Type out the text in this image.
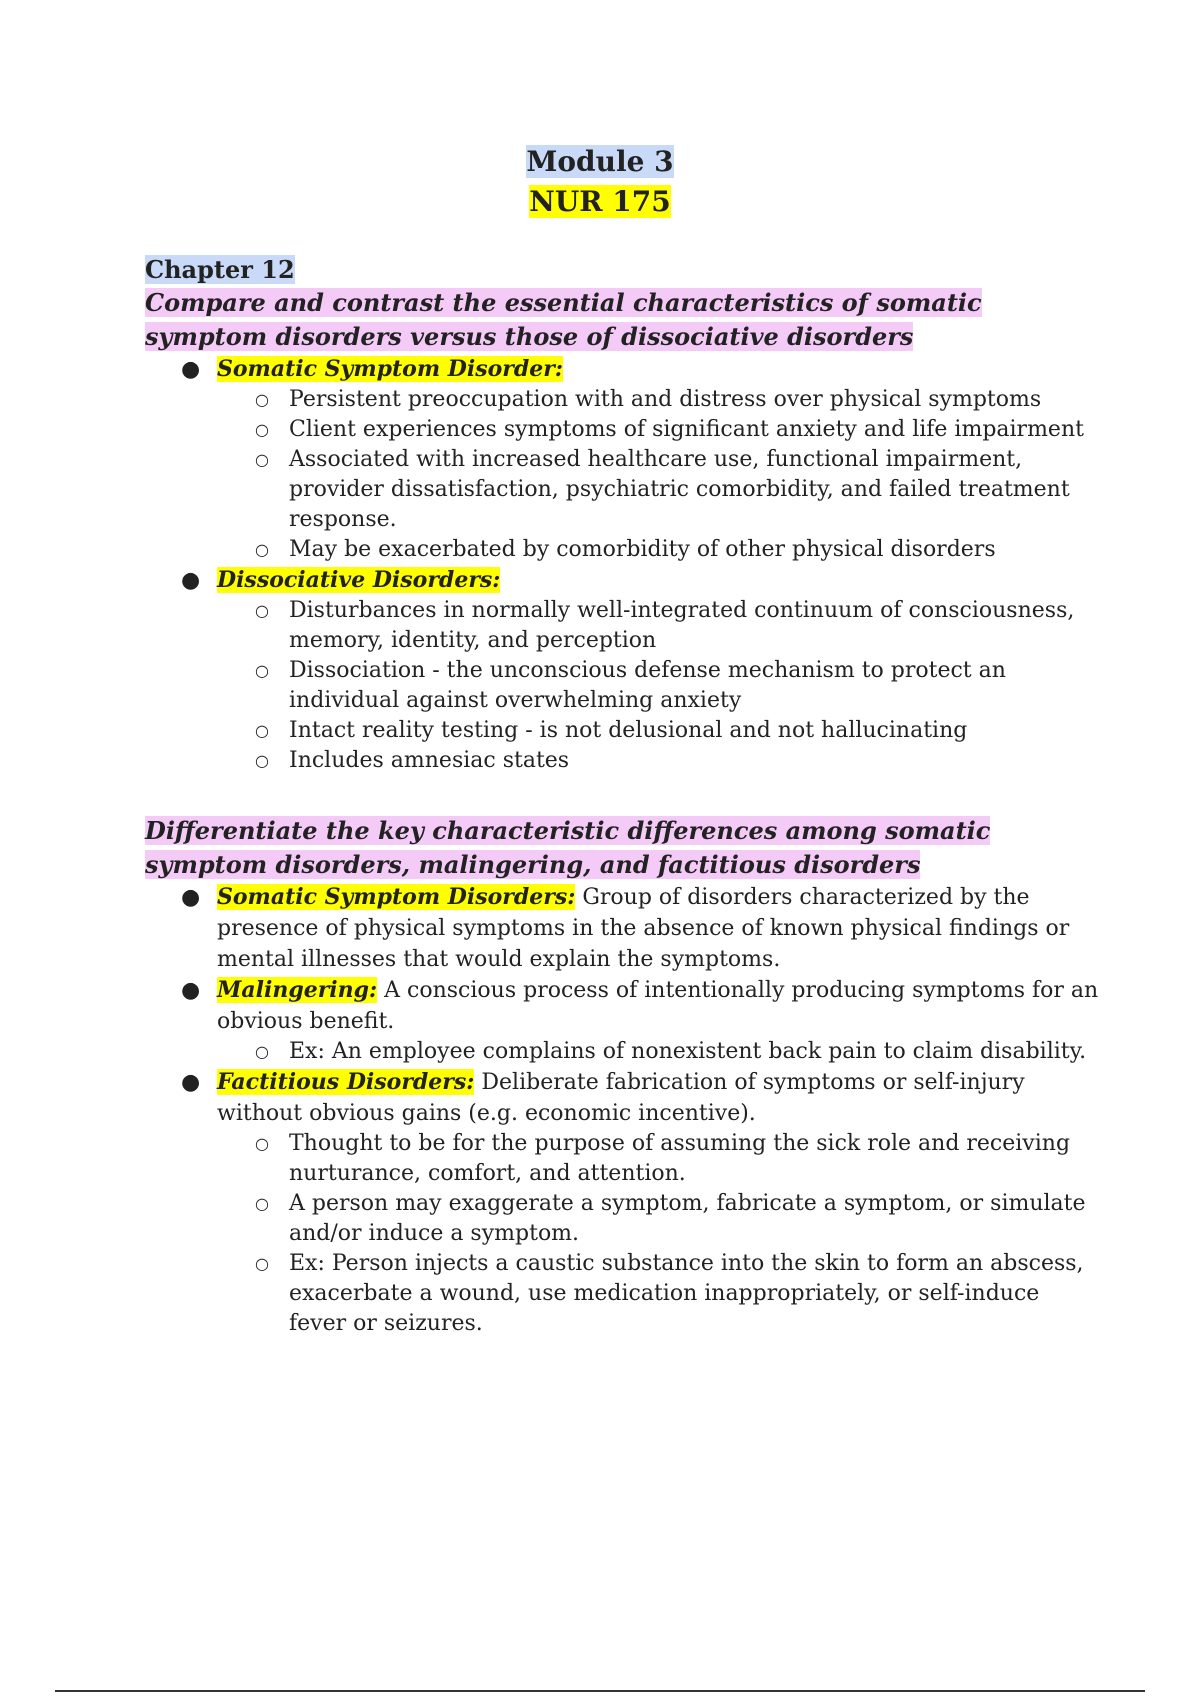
Module 3
NUR 175

Chapter 12

Compare and contrast the essential characteristics of somatic symptom disorders versus those of dissociative disorders

● Somatic Symptom Disorder:
○ Persistent preoccupation with and distress over physical symptoms
○ Client experiences symptoms of significant anxiety and life impairment
○ Associated with increased healthcare use, functional impairment, provider dissatisfaction, psychiatric comorbidity, and failed treatment response.
○ May be exacerbated by comorbidity of other physical disorders
● Dissociative Disorders:
○ Disturbances in normally well-integrated continuum of consciousness, memory, identity, and perception
○ Dissociation - the unconscious defense mechanism to protect an individual against overwhelming anxiety
○ Intact reality testing - is not delusional and not hallucinating
○ Includes amnesiac states

Differentiate the key characteristic differences among somatic symptom disorders, malingering, and factitious disorders

● Somatic Symptom Disorders: Group of disorders characterized by the presence of physical symptoms in the absence of known physical findings or mental illnesses that would explain the symptoms.
● Malingering: A conscious process of intentionally producing symptoms for an obvious benefit.
○ Ex: An employee complains of nonexistent back pain to claim disability.
● Factitious Disorders: Deliberate fabrication of symptoms or self-injury without obvious gains (e.g. economic incentive).
○ Thought to be for the purpose of assuming the sick role and receiving nurturance, comfort, and attention.
○ A person may exaggerate a symptom, fabricate a symptom, or simulate and/or induce a symptom.
○ Ex: Person injects a caustic substance into the skin to form an abscess, exacerbate a wound, use medication inappropriately, or self-induce fever or seizures.
